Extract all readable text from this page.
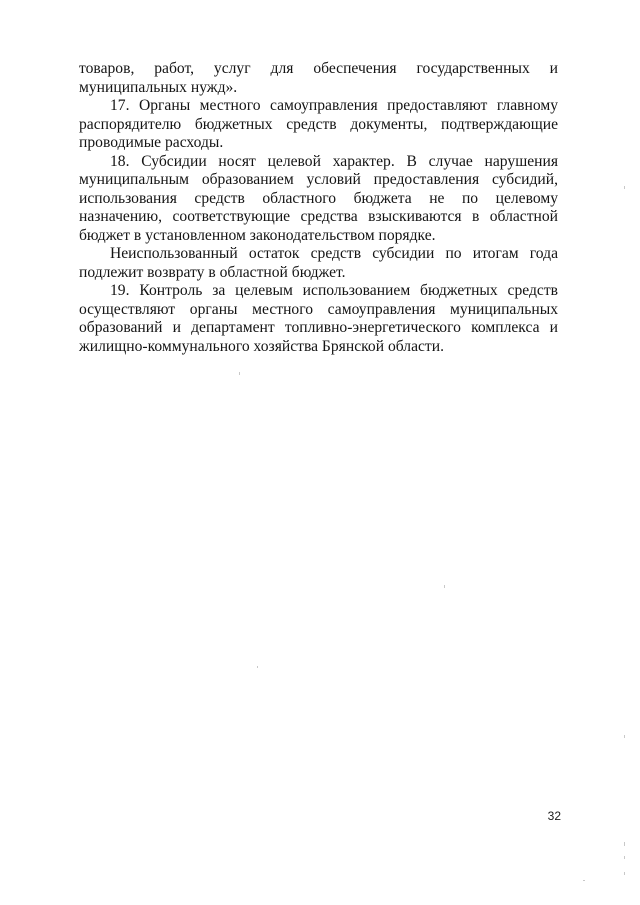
товаров, работ, услуг для обеспечения государственных и муниципальных нужд».

17. Органы местного самоуправления предоставляют главному распорядителю бюджетных средств документы, подтверждающие проводимые расходы.

18. Субсидии носят целевой характер. В случае нарушения муниципальным образованием условий предоставления субсидий, использования средств областного бюджета не по целевому назначению, соответствующие средства взыскиваются в областной бюджет в установленном законодательством порядке.

Неиспользованный остаток средств субсидии по итогам года подлежит возврату в областной бюджет.

19. Контроль за целевым использованием бюджетных средств осуществляют органы местного самоуправления муниципальных образований и департамент топливно-энергетического комплекса и жилищно-коммунального хозяйства Брянской области.

32
